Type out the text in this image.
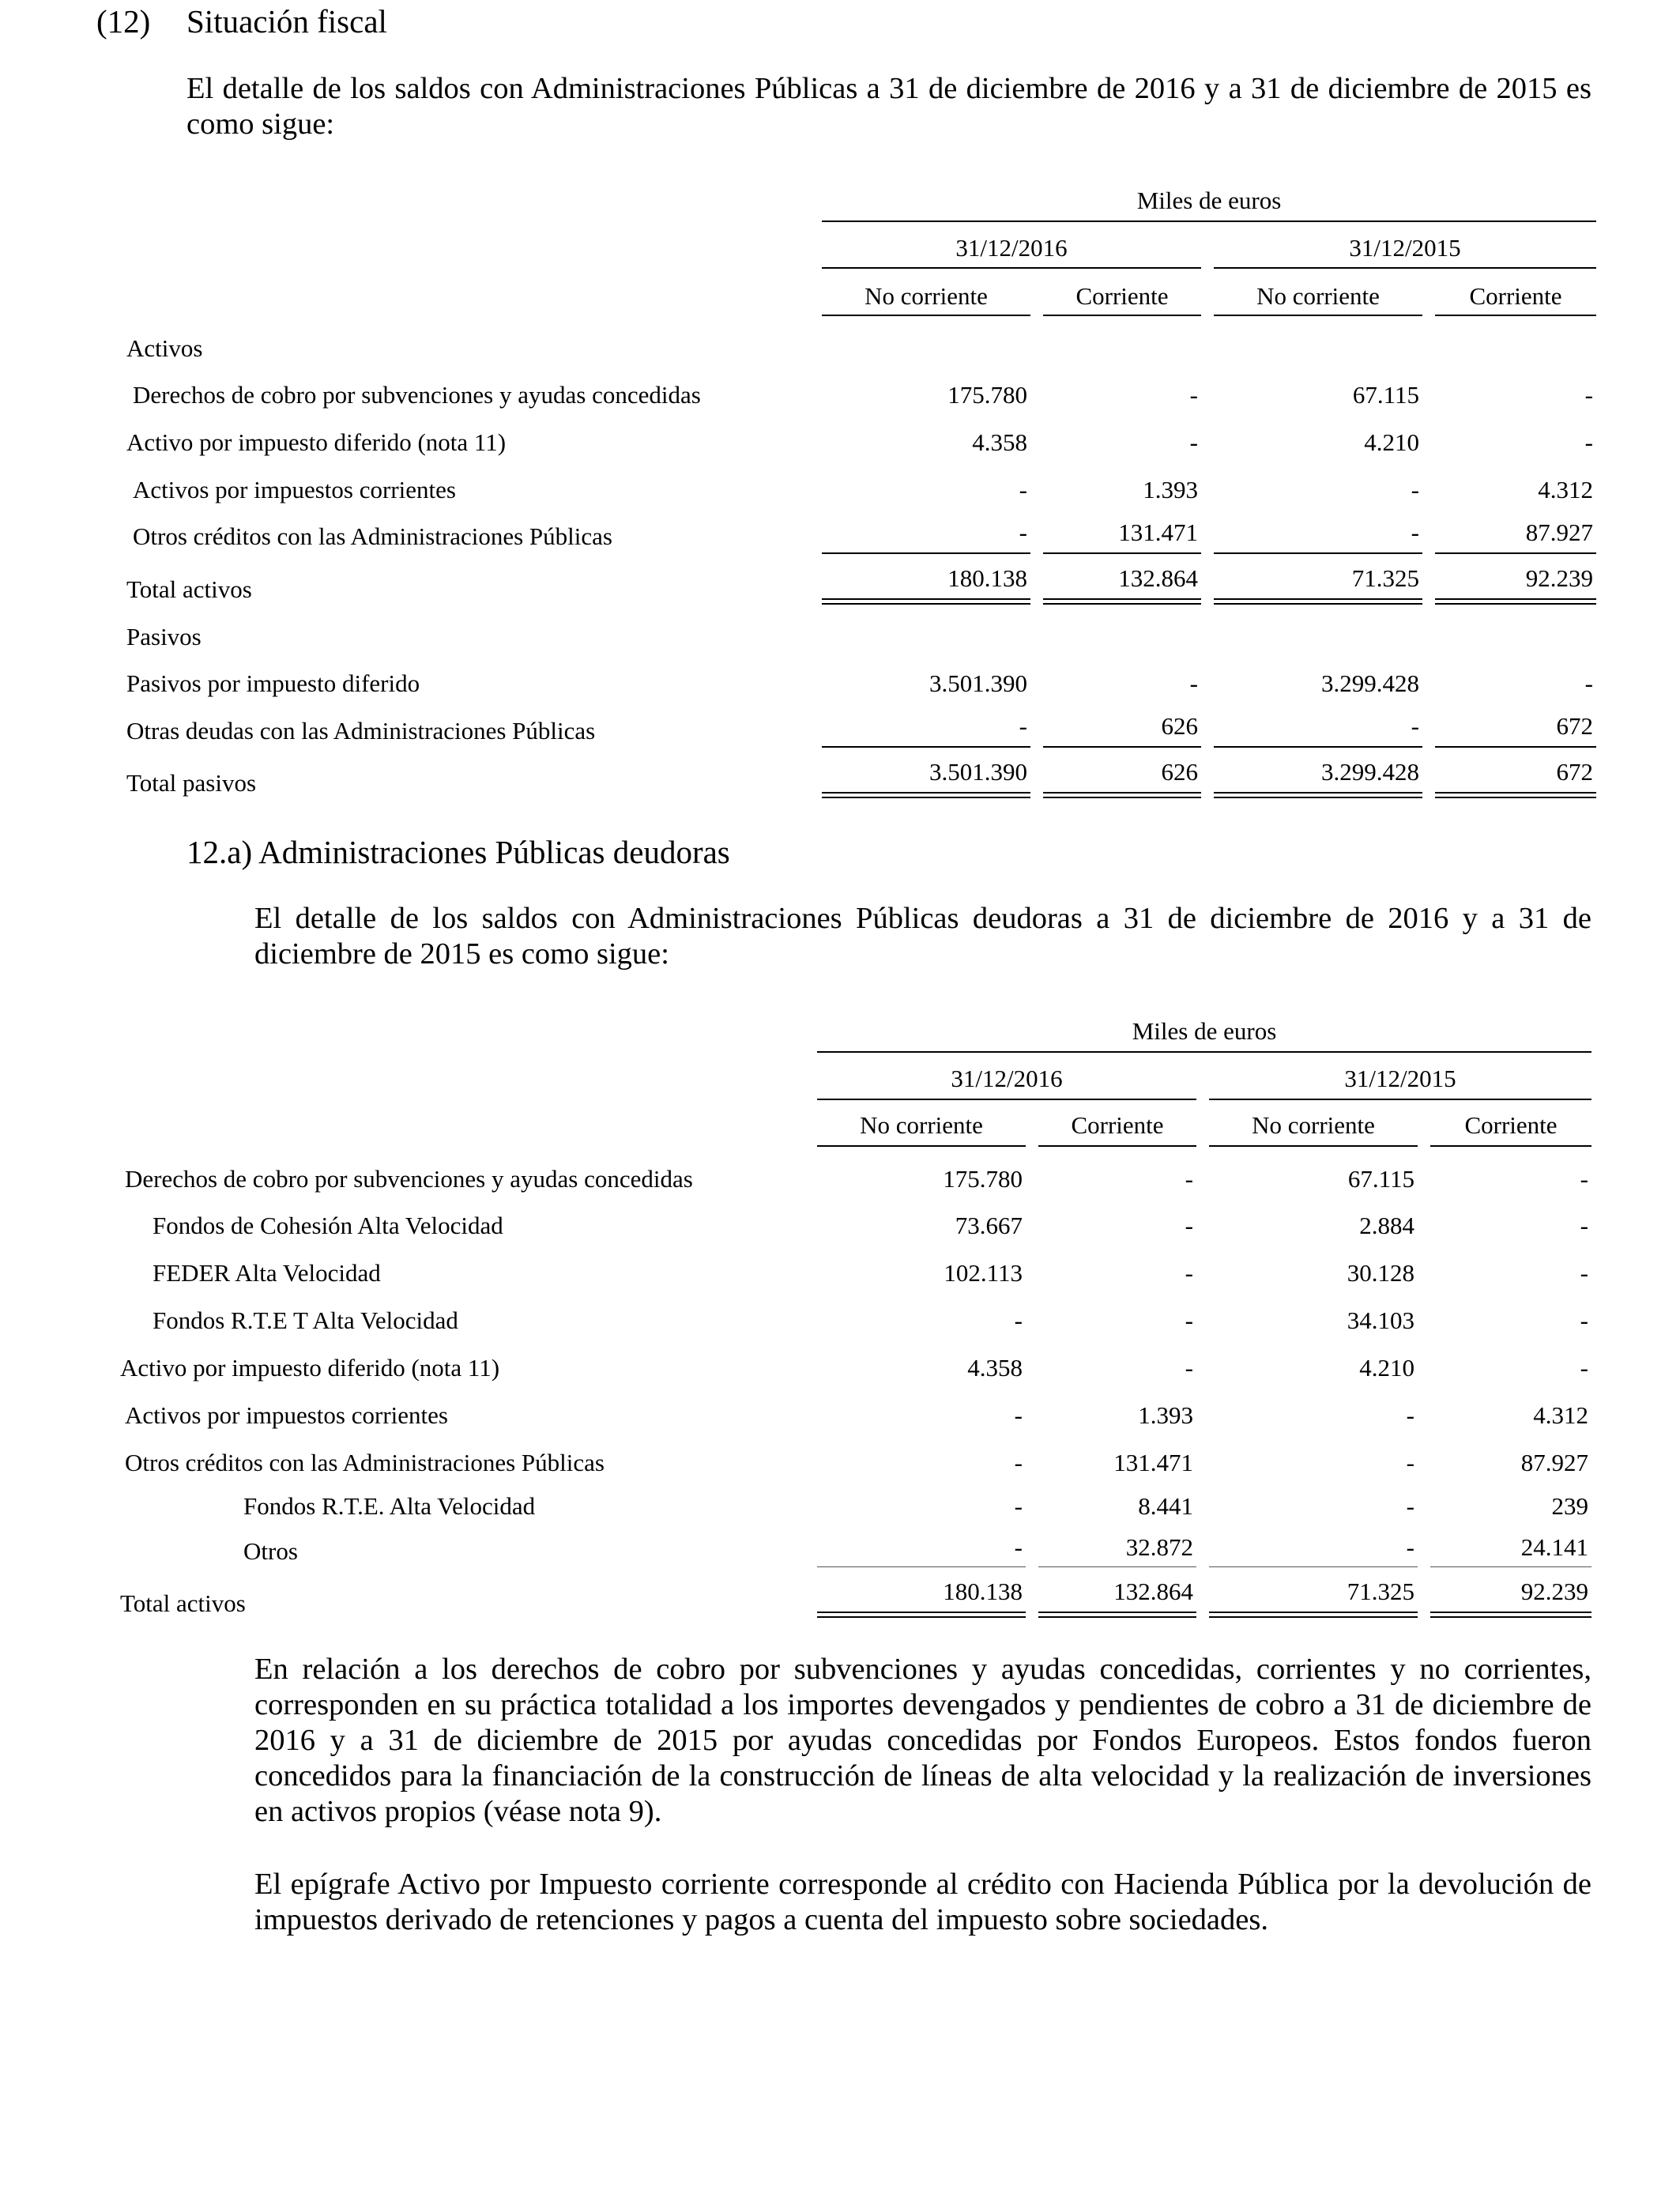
(12) Situación fiscal
El detalle de los saldos con Administraciones Públicas a 31 de diciembre de 2016 y a 31 de diciembre de 2015 es como sigue:
Miles de euros
31/12/2016	31/12/2015
No corriente	Corriente	No corriente	Corriente
Activos
Derechos de cobro por subvenciones y ayudas concedidas	175.780	-	67.115	-
Activo por impuesto diferido (nota 11)	4.358	-	4.210	-
Activos por impuestos corrientes	-	1.393	-	4.312
Otros créditos con las Administraciones Públicas	-	131.471	-	87.927
Total activos	180.138	132.864	71.325	92.239
Pasivos
Pasivos por impuesto diferido	3.501.390	-	3.299.428	-
Otras deudas con las Administraciones Públicas	-	626	-	672
Total pasivos	3.501.390	626	3.299.428	672
12.a) Administraciones Públicas deudoras
El detalle de los saldos con Administraciones Públicas deudoras a 31 de diciembre de 2016 y a 31 de diciembre de 2015 es como sigue:
Miles de euros
31/12/2016	31/12/2015
No corriente	Corriente	No corriente	Corriente
Derechos de cobro por subvenciones y ayudas concedidas	175.780	-	67.115	-
Fondos de Cohesión Alta Velocidad	73.667	-	2.884	-
FEDER Alta Velocidad	102.113	-	30.128	-
Fondos R.T.E T Alta Velocidad	-	-	34.103	-
Activo por impuesto diferido (nota 11)	4.358	-	4.210	-
Activos por impuestos corrientes	-	1.393	-	4.312
Otros créditos con las Administraciones Públicas	-	131.471	-	87.927
Fondos R.T.E. Alta Velocidad	-	8.441	-	239
Otros	-	32.872	-	24.141
Total activos	180.138	132.864	71.325	92.239
En relación a los derechos de cobro por subvenciones y ayudas concedidas, corrientes y no corrientes, corresponden en su práctica totalidad a los importes devengados y pendientes de cobro a 31 de diciembre de 2016 y a 31 de diciembre de 2015 por ayudas concedidas por Fondos Europeos. Estos fondos fueron concedidos para la financiación de la construcción de líneas de alta velocidad y la realización de inversiones en activos propios (véase nota 9).
El epígrafe Activo por Impuesto corriente corresponde al crédito con Hacienda Pública por la devolución de impuestos derivado de retenciones y pagos a cuenta del impuesto sobre sociedades.
